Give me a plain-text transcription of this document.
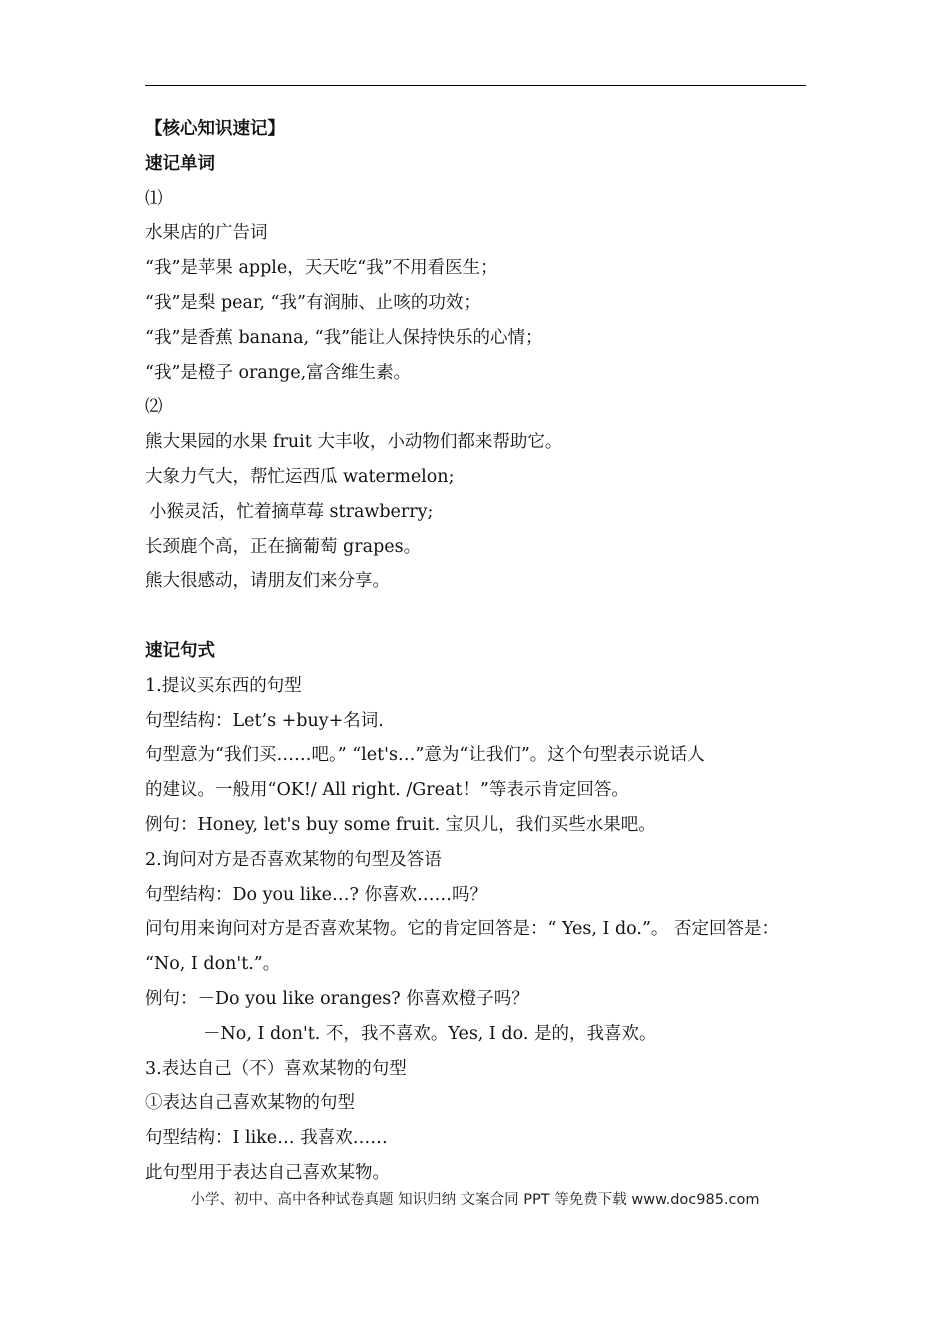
【核心知识速记】
速记单词
⑴
水果店的广告词
“我”是苹果 apple，天天吃“我”不用看医生；
“我”是梨 pear, “我”有润肺、止咳的功效；
“我”是香蕉 banana, “我”能让人保持快乐的心情；
“我”是橙子 orange,富含维生素。
⑵
熊大果园的水果 fruit 大丰收，小动物们都来帮助它。
大象力气大，帮忙运西瓜 watermelon;
小猴灵活，忙着摘草莓 strawberry;
长颈鹿个高，正在摘葡萄 grapes。
熊大很感动，请朋友们来分享。
速记句式
1.提议买东西的句型
句型结构：Let’s +buy+名词.
句型意为“我们买……吧。” “let's…”意为“让我们”。这个句型表示说话人
的建议。一般用“OK!/ All right. /Great！”等表示肯定回答。
例句：Honey, let's buy some fruit. 宝贝儿，我们买些水果吧。
2.询问对方是否喜欢某物的句型及答语
句型结构：Do you like…? 你喜欢……吗？
问句用来询问对方是否喜欢某物。它的肯定回答是：“ Yes, I do.”。 否定回答是：
“No, I don't.”。
例句：－Do you like oranges? 你喜欢橙子吗？
－No, I don't. 不，我不喜欢。Yes, I do. 是的，我喜欢。
3.表达自己（不）喜欢某物的句型
①表达自己喜欢某物的句型
句型结构：I like… 我喜欢……
此句型用于表达自己喜欢某物。
小学、初中、高中各种试卷真题 知识归纳 文案合同 PPT 等免费下载 www.doc985.com
